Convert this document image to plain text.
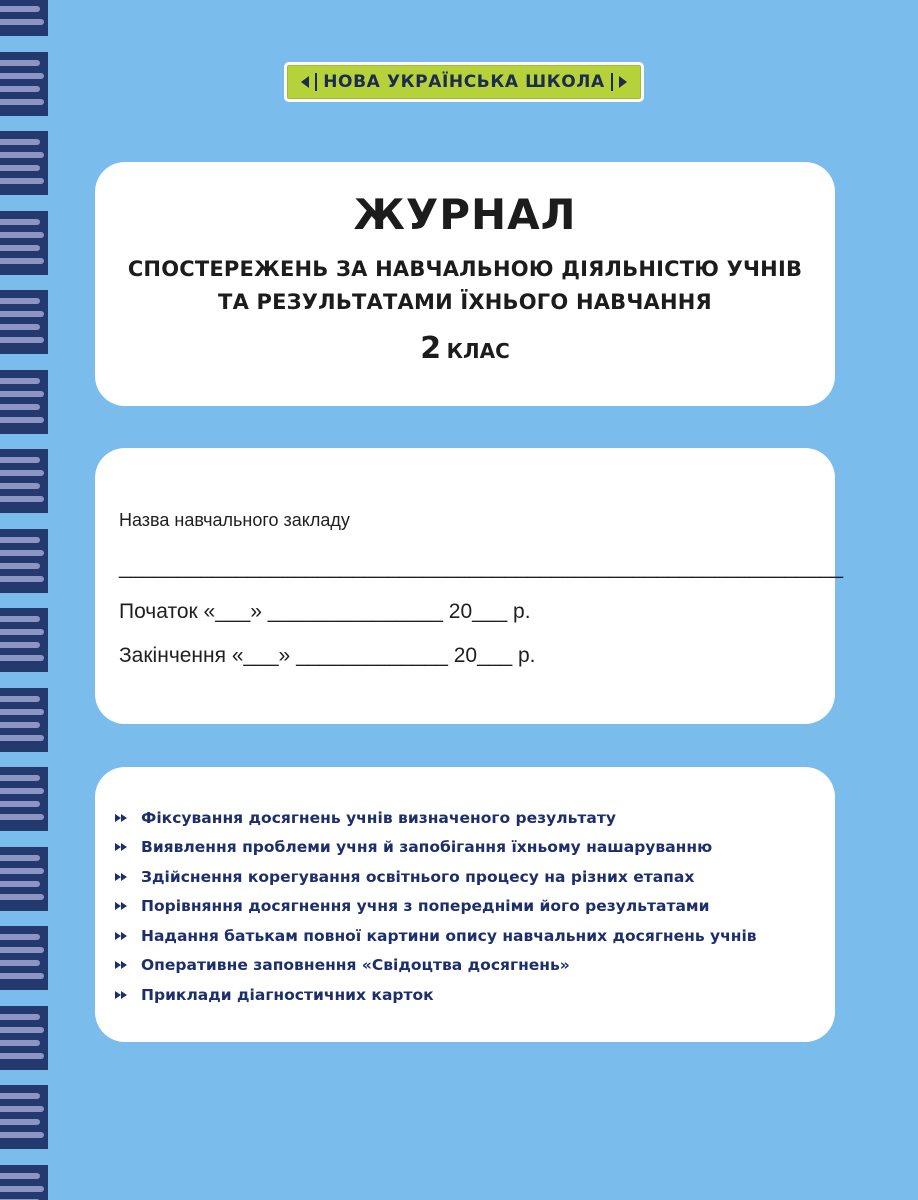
НОВА УКРАЇНСЬКА ШКОЛА
ЖУРНАЛ
СПОСТЕРЕЖЕНЬ ЗА НАВЧАЛЬНОЮ ДІЯЛЬНІСТЮ УЧНІВ
ТА РЕЗУЛЬТАТАМИ ЇХНЬОГО НАВЧАННЯ
2 КЛАС
Назва навчального закладу
______________________________________________________________
Початок «___» _______________ 20___ р.
Закінчення «___» _____________ 20___ р.
Фіксування досягнень учнів визначеного результату
Виявлення проблеми учня й запобігання їхньому нашаруванню
Здійснення корегування освітнього процесу на різних етапах
Порівняння досягнення учня з попередніми його результатами
Надання батькам повної картини опису навчальних досягнень учнів
Оперативне заповнення «Свідоцтва досягнень»
Приклади діагностичних карток
